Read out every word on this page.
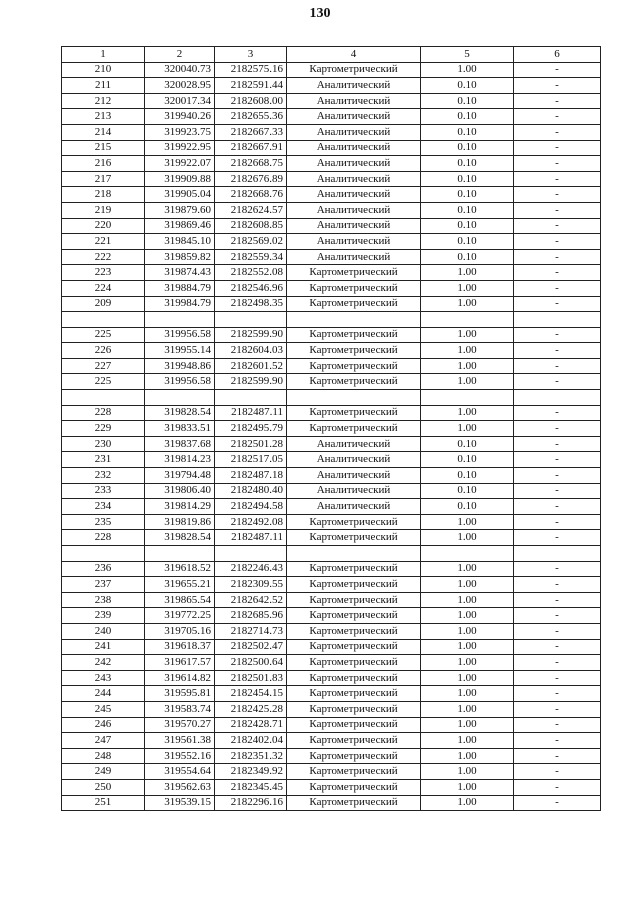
130
1	2	3	4	5	6
210	320040.73	2182575.16	Картометрический	1.00	-
211	320028.95	2182591.44	Аналитический	0.10	-
212	320017.34	2182608.00	Аналитический	0.10	-
213	319940.26	2182655.36	Аналитический	0.10	-
214	319923.75	2182667.33	Аналитический	0.10	-
215	319922.95	2182667.91	Аналитический	0.10	-
216	319922.07	2182668.75	Аналитический	0.10	-
217	319909.88	2182676.89	Аналитический	0.10	-
218	319905.04	2182668.76	Аналитический	0.10	-
219	319879.60	2182624.57	Аналитический	0.10	-
220	319869.46	2182608.85	Аналитический	0.10	-
221	319845.10	2182569.02	Аналитический	0.10	-
222	319859.82	2182559.34	Аналитический	0.10	-
223	319874.43	2182552.08	Картометрический	1.00	-
224	319884.79	2182546.96	Картометрический	1.00	-
209	319984.79	2182498.35	Картометрический	1.00	-

225	319956.58	2182599.90	Картометрический	1.00	-
226	319955.14	2182604.03	Картометрический	1.00	-
227	319948.86	2182601.52	Картометрический	1.00	-
225	319956.58	2182599.90	Картометрический	1.00	-

228	319828.54	2182487.11	Картометрический	1.00	-
229	319833.51	2182495.79	Картометрический	1.00	-
230	319837.68	2182501.28	Аналитический	0.10	-
231	319814.23	2182517.05	Аналитический	0.10	-
232	319794.48	2182487.18	Аналитический	0.10	-
233	319806.40	2182480.40	Аналитический	0.10	-
234	319814.29	2182494.58	Аналитический	0.10	-
235	319819.86	2182492.08	Картометрический	1.00	-
228	319828.54	2182487.11	Картометрический	1.00	-

236	319618.52	2182246.43	Картометрический	1.00	-
237	319655.21	2182309.55	Картометрический	1.00	-
238	319865.54	2182642.52	Картометрический	1.00	-
239	319772.25	2182685.96	Картометрический	1.00	-
240	319705.16	2182714.73	Картометрический	1.00	-
241	319618.37	2182502.47	Картометрический	1.00	-
242	319617.57	2182500.64	Картометрический	1.00	-
243	319614.82	2182501.83	Картометрический	1.00	-
244	319595.81	2182454.15	Картометрический	1.00	-
245	319583.74	2182425.28	Картометрический	1.00	-
246	319570.27	2182428.71	Картометрический	1.00	-
247	319561.38	2182402.04	Картометрический	1.00	-
248	319552.16	2182351.32	Картометрический	1.00	-
249	319554.64	2182349.92	Картометрический	1.00	-
250	319562.63	2182345.45	Картометрический	1.00	-
251	319539.15	2182296.16	Картометрический	1.00	-
